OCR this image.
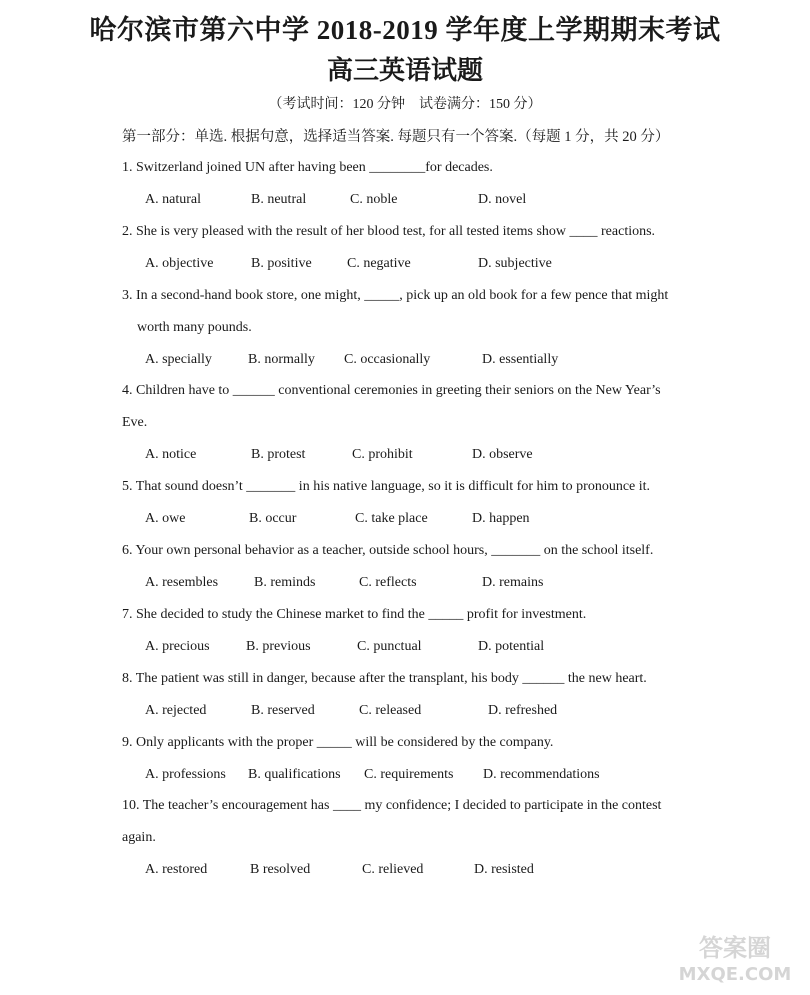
哈尔滨市第六中学 2018-2019 学年度上学期期末考试
高三英语试题
（考试时间：120 分钟　试卷满分：150 分）
第一部分：单选. 根据句意，选择适当答案. 每题只有一个答案.（每题 1 分，共 20 分）
1. Switzerland joined UN after having been ________for decades.
A. natural	B. neutral	C. noble	D. novel
2. She is very pleased with the result of her blood test, for all tested items show ____ reactions.
A. objective	B. positive	C. negative	D. subjective
3. In a second-hand book store, one might, _____, pick up an old book for a few pence that might
worth many pounds.
A. specially	B. normally C. occasionally	D. essentially
4. Children have to ______ conventional ceremonies in greeting their seniors on the New Year’s
Eve.
A. notice	B. protest	C. prohibit	D. observe
5. That sound doesn’t _______ in his native language, so it is difficult for him to pronounce it.
A. owe	B. occur	C. take place	D. happen
6. Your own personal behavior as a teacher, outside school hours, _______ on the school itself.
A. resembles	B. reminds	C. reflects	D. remains
7. She decided to study the Chinese market to find the _____ profit for investment.
A. precious	B. previous	C. punctual	D. potential
8. The patient was still in danger, because after the transplant, his body ______ the new heart.
A. rejected	B. reserved	C. released	D. refreshed
9. Only applicants with the proper _____ will be considered by the company.
A. professions B. qualifications C. requirements D. recommendations
10. The teacher’s encouragement has ____ my confidence; I decided to participate in the contest
again.
A. restored	B resolved	C. relieved	D. resisted
答案圈
MXQE.COM
